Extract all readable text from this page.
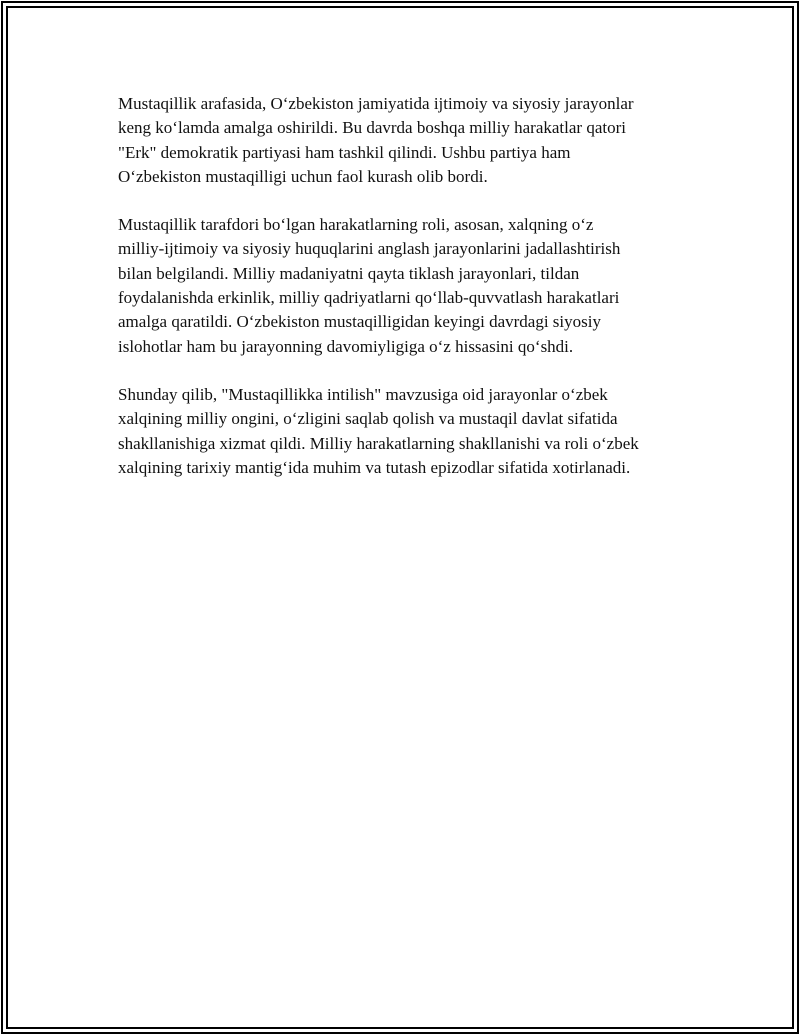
Mustaqillik arafasida, O‘zbekiston jamiyatida ijtimoiy va siyosiy jarayonlar
keng ko‘lamda amalga oshirildi. Bu davrda boshqa milliy harakatlar qatori
"Erk" demokratik partiyasi ham tashkil qilindi. Ushbu partiya ham
O‘zbekiston mustaqilligi uchun faol kurash olib bordi.

Mustaqillik tarafdori bo‘lgan harakatlarning roli, asosan, xalqning o‘z
milliy-ijtimoiy va siyosiy huquqlarini anglash jarayonlarini jadallashtirish
bilan belgilandi. Milliy madaniyatni qayta tiklash jarayonlari, tildan
foydalanishda erkinlik, milliy qadriyatlarni qo‘llab-quvvatlash harakatlari
amalga qaratildi. O‘zbekiston mustaqilligidan keyingi davrdagi siyosiy
islohotlar ham bu jarayonning davomiyligiga o‘z hissasini qo‘shdi.

Shunday qilib, "Mustaqillikka intilish" mavzusiga oid jarayonlar o‘zbek
xalqining milliy ongini, o‘zligini saqlab qolish va mustaqil davlat sifatida
shakllanishiga xizmat qildi. Milliy harakatlarning shakllanishi va roli o‘zbek
xalqining tarixiy mantig‘ida muhim va tutash epizodlar sifatida xotirlanadi.
